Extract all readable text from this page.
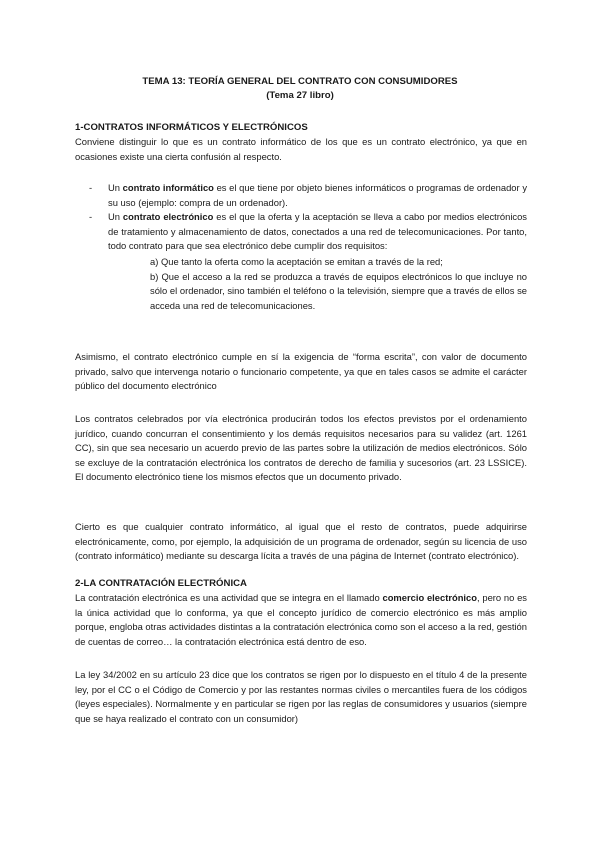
TEMA 13: TEORÍA GENERAL DEL CONTRATO CON CONSUMIDORES
(Tema 27 libro)
1-CONTRATOS INFORMÁTICOS Y ELECTRÓNICOS

Conviene distinguir lo que es un contrato informático de los que es un contrato electrónico, ya que en ocasiones existe una cierta confusión al respecto.

- Un contrato informático es el que tiene por objeto bienes informáticos o programas de ordenador y su uso (ejemplo: compra de un ordenador).
- Un contrato electrónico es el que la oferta y la aceptación se lleva a cabo por medios electrónicos de tratamiento y almacenamiento de datos, conectados a una red de telecomunicaciones. Por tanto, todo contrato para que sea electrónico debe cumplir dos requisitos:
a) Que tanto la oferta como la aceptación se emitan a través de la red;
b) Que el acceso a la red se produzca a través de equipos electrónicos lo que incluye no sólo el ordenador, sino también el teléfono o la televisión, siempre que a través de ellos se acceda una red de telecomunicaciones.

Asimismo, el contrato electrónico cumple en sí la exigencia de “forma escrita”, con valor de documento privado, salvo que intervenga notario o funcionario competente, ya que en tales casos se admite el carácter público del documento electrónico

Los contratos celebrados por vía electrónica producirán todos los efectos previstos por el ordenamiento jurídico, cuando concurran el consentimiento y los demás requisitos necesarios para su validez (art. 1261 CC), sin que sea necesario un acuerdo previo de las partes sobre la utilización de medios electrónicos. Sólo se excluye de la contratación electrónica los contratos de derecho de familia y sucesorios (art. 23 LSSICE). El documento electrónico tiene los mismos efectos que un documento privado.

Cierto es que cualquier contrato informático, al igual que el resto de contratos, puede adquirirse electrónicamente, como, por ejemplo, la adquisición de un programa de ordenador, según su licencia de uso (contrato informático) mediante su descarga lícita a través de una página de Internet (contrato electrónico).

2-LA CONTRATACIÓN ELECTRÓNICA

La contratación electrónica es una actividad que se integra en el llamado comercio electrónico, pero no es la única actividad que lo conforma, ya que el concepto jurídico de comercio electrónico es más amplio porque, engloba otras actividades distintas a la contratación electrónica como son el acceso a la red, gestión de cuentas de correo… la contratación electrónica está dentro de eso.

La ley 34/2002 en su artículo 23 dice que los contratos se rigen por lo dispuesto en el título 4 de la presente ley, por el CC o el Código de Comercio y por las restantes normas civiles o mercantiles fuera de los códigos (leyes especiales). Normalmente y en particular se rigen por las reglas de consumidores y usuarios (siempre que se haya realizado el contrato con un consumidor)
